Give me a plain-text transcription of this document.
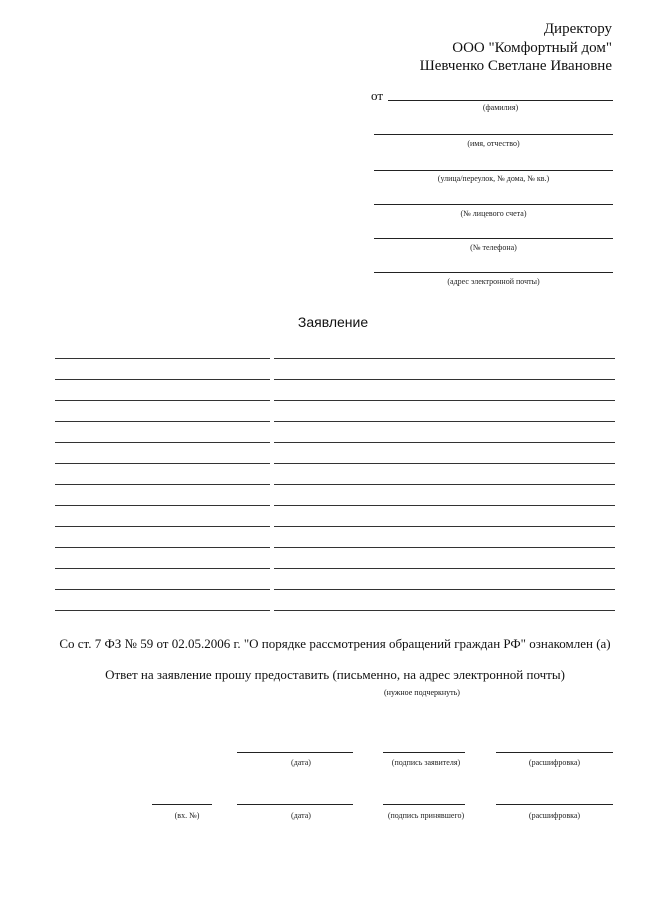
Директору
ООО "Комфортный дом"
Шевченко Светлане Ивановне
от
(фамилия)
(имя, отчество)
(улица/переулок, № дома, № кв.)
(№ лицевого счета)
(№ телефона)
(адрес электронной почты)
Заявление
Со ст. 7 ФЗ № 59 от 02.05.2006 г. "О порядке рассмотрения обращений граждан РФ" ознакомлен (а)
Ответ на заявление прошу предоставить (письменно, на адрес электронной почты)
(нужное подчеркнуть)
(дата)	(подпись заявителя)	(расшифровка)
(вх. №)	(дата)	(подпись принявшего)	(расшифровка)
